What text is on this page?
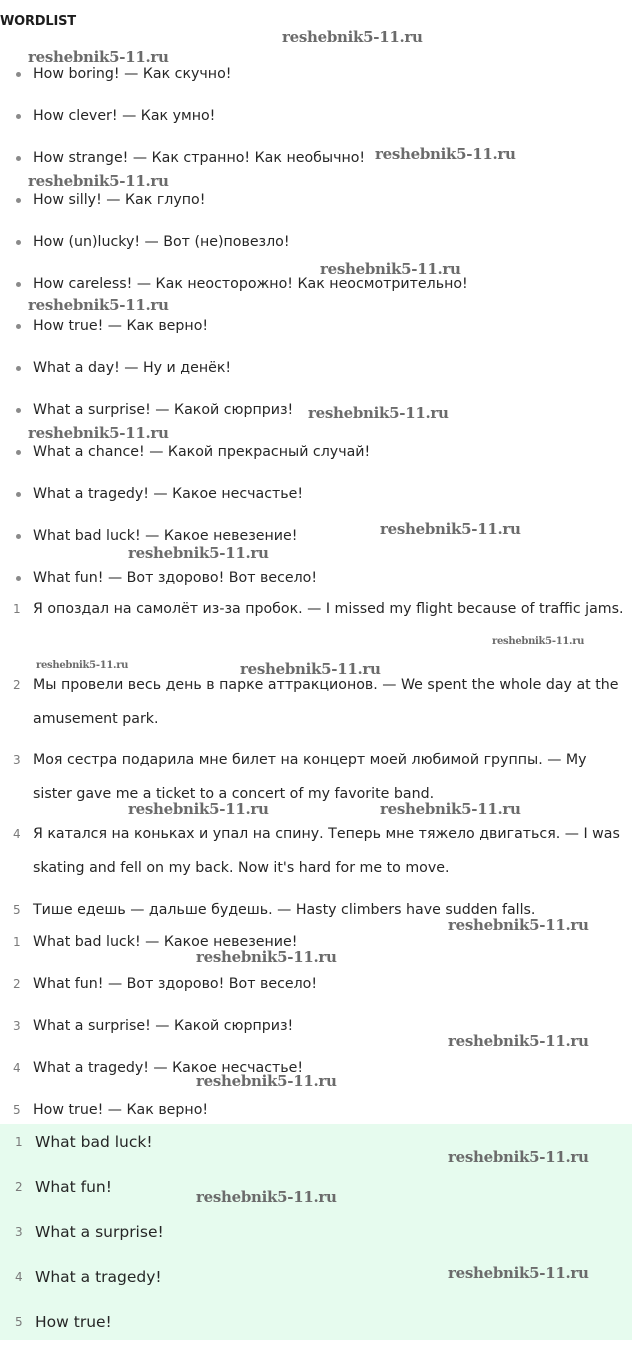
WORDLIST
How boring! — Как скучно!
How clever! — Как умно!
How strange! — Как странно! Как необычно!
How silly! — Как глупо!
How (un)lucky! — Вот (не)повезло!
How careless! — Как неосторожно! Как неосмотрительно!
How true! — Как верно!
What a day! — Ну и денёк!
What a surprise! — Какой сюрприз!
What a chance! — Какой прекрасный случай!
What a tragedy! — Какое несчастье!
What bad luck! — Какое невезение!
What fun! — Вот здорово! Вот весело!
1 Я опоздал на самолёт из-за пробок. — I missed my flight because of traffic jams.
2 Мы провели весь день в парке аттракционов. — We spent the whole day at the amusement park.
3 Моя сестра подарила мне билет на концерт моей любимой группы. — My sister gave me a ticket to a concert of my favorite band.
4 Я катался на коньках и упал на спину. Теперь мне тяжело двигаться. — I was skating and fell on my back. Now it's hard for me to move.
5 Тише едешь — дальше будешь. — Hasty climbers have sudden falls.
1 What bad luck! — Какое невезение!
2 What fun! — Вот здорово! Вот весело!
3 What a surprise! — Какой сюрприз!
4 What a tragedy! — Какое несчастье!
5 How true! — Как верно!
1 What bad luck!
2 What fun!
3 What a surprise!
4 What a tragedy!
5 How true!
reshebnik5-11.ru
reshebnik5-11.ru
reshebnik5-11.ru
reshebnik5-11.ru
reshebnik5-11.ru
reshebnik5-11.ru
reshebnik5-11.ru
reshebnik5-11.ru
reshebnik5-11.ru
reshebnik5-11.ru
reshebnik5-11.ru
reshebnik5-11.ru	reshebnik5-11.ru
reshebnik5-11.ru	reshebnik5-11.ru
reshebnik5-11.ru
reshebnik5-11.ru
reshebnik5-11.ru
reshebnik5-11.ru
reshebnik5-11.ru
reshebnik5-11.ru
reshebnik5-11.ru
